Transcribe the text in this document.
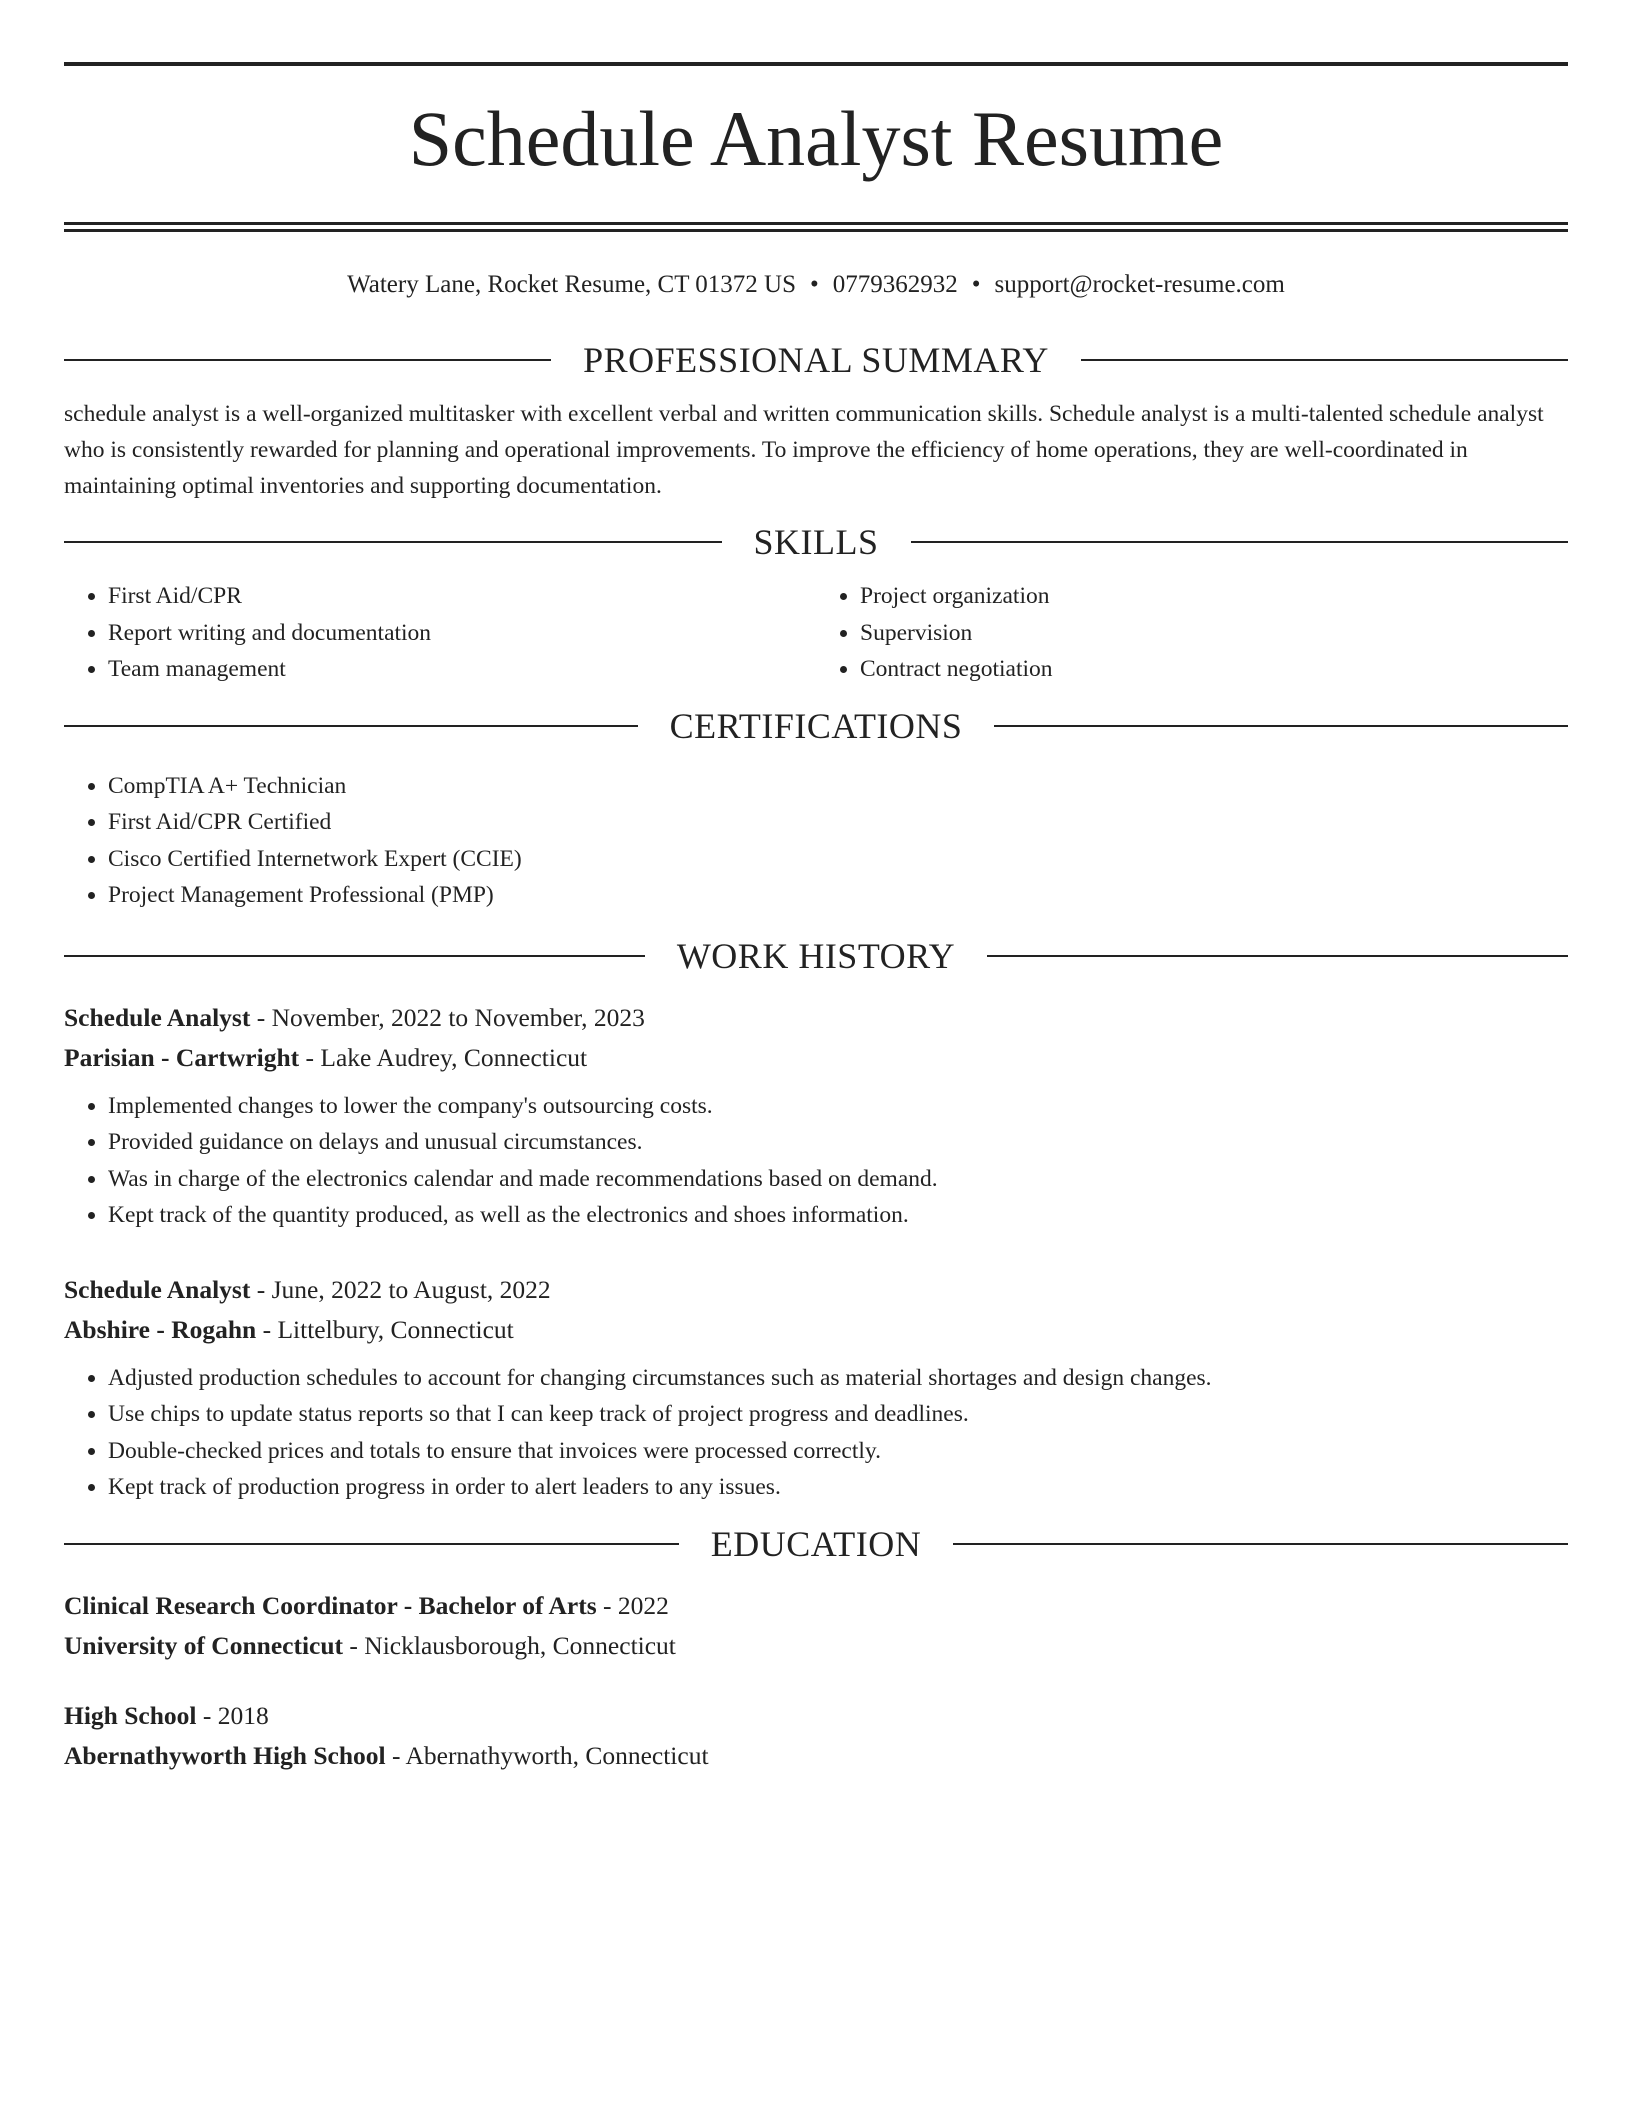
Schedule Analyst Resume
Watery Lane, Rocket Resume, CT 01372 US • 0779362932 • support@rocket-resume.com
PROFESSIONAL SUMMARY

schedule analyst is a well-organized multitasker with excellent verbal and written communication skills. Schedule analyst is a multi-talented schedule analyst who is consistently rewarded for planning and operational improvements. To improve the efficiency of home operations, they are well-coordinated in maintaining optimal inventories and supporting documentation.

SKILLS
• First Aid/CPR
• Report writing and documentation
• Team management
• Project organization
• Supervision
• Contract negotiation
CERTIFICATIONS
• CompTIA A+ Technician
• First Aid/CPR Certified
• Cisco Certified Internetwork Expert (CCIE)
• Project Management Professional (PMP)
WORK HISTORY
Schedule Analyst - November, 2022 to November, 2023
Parisian - Cartwright - Lake Audrey, Connecticut
• Implemented changes to lower the company's outsourcing costs.
• Provided guidance on delays and unusual circumstances.
• Was in charge of the electronics calendar and made recommendations based on demand.
• Kept track of the quantity produced, as well as the electronics and shoes information.
Schedule Analyst - June, 2022 to August, 2022
Abshire - Rogahn - Littelbury, Connecticut
• Adjusted production schedules to account for changing circumstances such as material shortages and design changes.
• Use chips to update status reports so that I can keep track of project progress and deadlines.
• Double-checked prices and totals to ensure that invoices were processed correctly.
• Kept track of production progress in order to alert leaders to any issues.
EDUCATION
Clinical Research Coordinator - Bachelor of Arts - 2022
University of Connecticut - Nicklausborough, Connecticut
High School - 2018
Abernathyworth High School - Abernathyworth, Connecticut
